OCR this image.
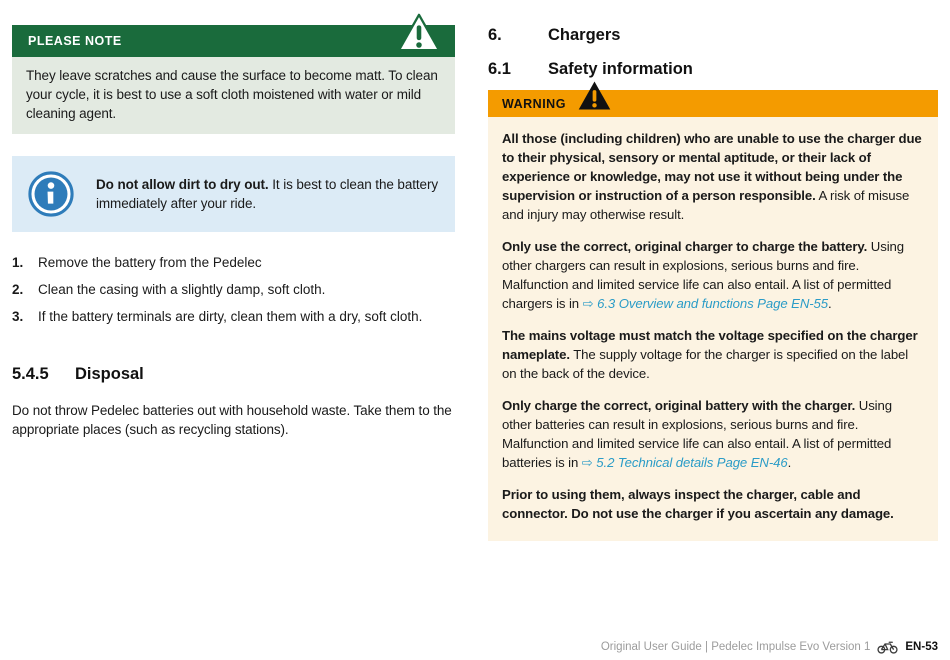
PLEASE NOTE

They leave scratches and cause the surface to become matt. To clean your cycle, it is best to use a soft cloth moistened with water or mild cleaning agent.

Do not allow dirt to dry out. It is best to clean the battery immediately after your ride.

1.	Remove the battery from the Pedelec
2.	Clean the casing with a slightly damp, soft cloth.
3.	If the battery terminals are dirty, clean them with a dry, soft cloth.
5.4.5	Disposal

Do not throw Pedelec batteries out with household waste. Take them to the appropriate places (such as recycling stations).

6.	Chargers
6.1	Safety information
WARNING

All those (including children) who are unable to use the charger due to their physical, sensory or mental aptitude, or their lack of experience or knowledge, may not use it without being under the supervision or instruction of a person responsible. A risk of misuse and injury may otherwise result.

Only use the correct, original charger to charge the battery. Using other chargers can result in explosions, serious burns and fire. Malfunction and limited service life can also entail. A list of permitted chargers is in ⇨ 6.3 Overview and functions Page EN-55.

The mains voltage must match the voltage specified on the charger nameplate. The supply voltage for the charger is specified on the label on the back of the device.

Only charge the correct, original battery with the charger. Using other batteries can result in explosions, serious burns and fire. Malfunction and limited service life can also entail. A list of permitted batteries is in ⇨ 5.2 Technical details Page EN-46.

Prior to using them, always inspect the charger, cable and connector. Do not use the charger if you ascertain any damage.

Original User Guide | Pedelec Impulse Evo Version 1	EN-53
